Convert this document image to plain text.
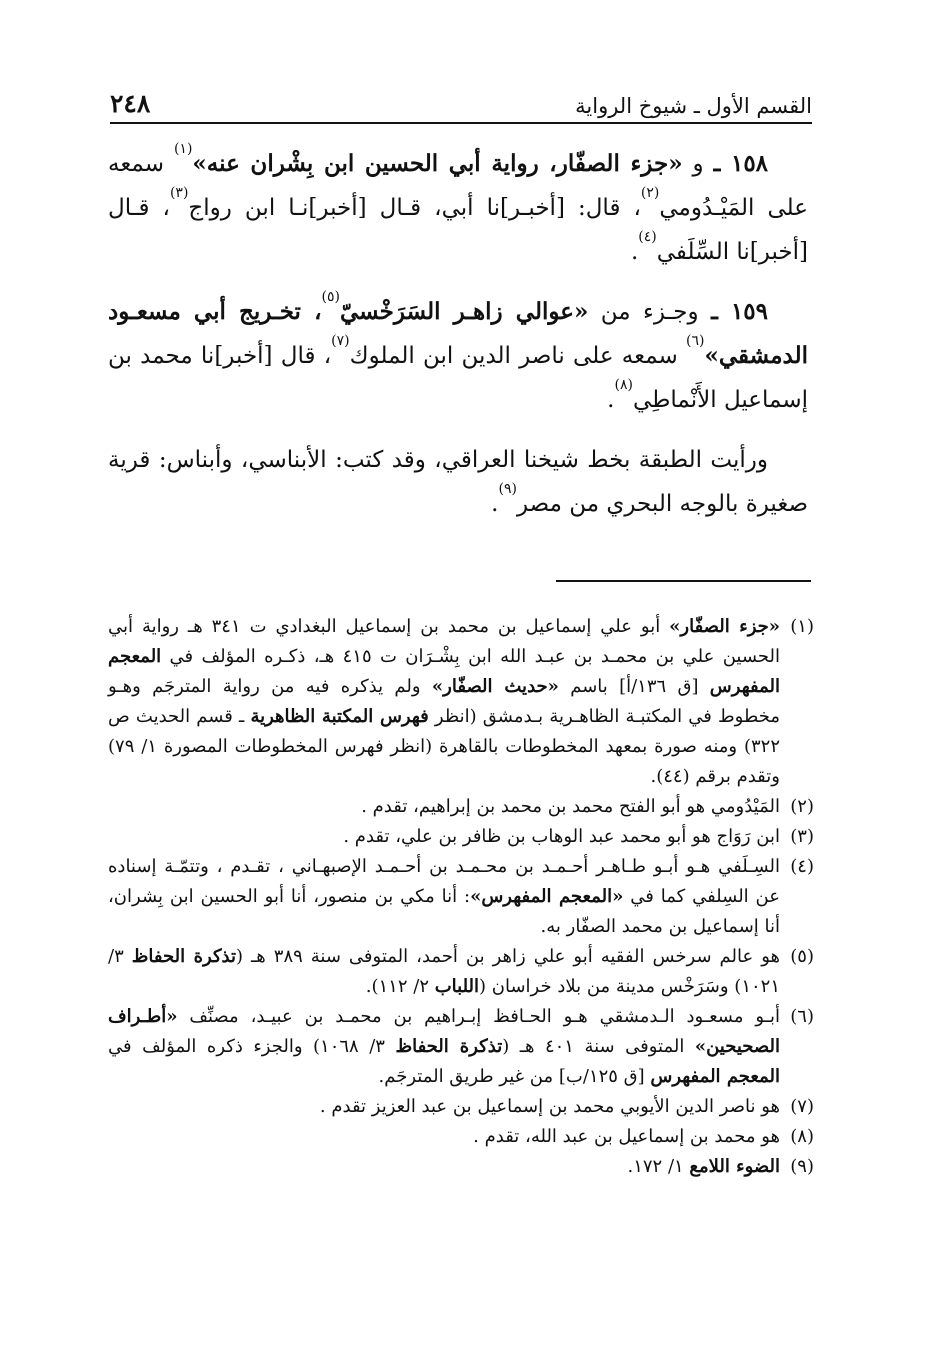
القسم الأول ـ شيوخ الرواية
٢٤٨

١٥٨ ـ و «جزء الصفّار، رواية أبي الحسين ابن بِشْران عنه»$^{(١)}$ سمعه على المَيْـدُومي$^{(٢)}$، قال: [أخبـر]نا أبي، قـال [أخبر]نـا ابن رواج$^{(٣)}$، قـال [أخبر]نا السِّلَفي$^{(٤)}$.

١٥٩ ـ وجـزء من «عوالي زاهـر السَرَخْسيّ$^{(٥)}$، تخـريج أبي مسعـود الدمشقي»$^{(٦)}$ سمعه على ناصر الدين ابن الملوك$^{(٧)}$، قال [أخبر]نا محمد بن إسماعيل الأَنْماطِي$^{(٨)}$.

ورأيت الطبقة بخط شيخنا العراقي، وقد كتب: الأبناسي، وأبناس: قرية صغيرة بالوجه البحري من مصر$^{(٩)}$.

(١)
«جزء الصفّار» أبو علي إسماعيل بن محمد بن إسماعيل البغدادي ت ٣٤١ هـ رواية أبي الحسين علي بن محمـد بن عبـد الله ابن بِشْـرَان ت ٤١٥ هـ، ذكـره المؤلف في المعجم المفهرس [ق ١٣٦/أ] باسم «حديث الصفّار» ولم يذكره فيه من رواية المترجَم وهـو مخطوط في المكتبـة الظاهـرية بـدمشق (انظر فهرس المكتبة الظاهرية ـ قسم الحديث ص ٣٢٢) ومنه صورة بمعهد المخطوطات بالقاهرة (انظر فهرس المخطوطات المصورة ١/ ٧٩) وتقدم برقم (٤٤).
(٢)
المَيْدُومي هو أبو الفتح محمد بن محمد بن إبراهيم، تقدم .
(٣)
ابن رَوَاج هو أبو محمد عبد الوهاب بن ظافر بن علي، تقدم .
(٤)
السِـلَفي هـو أبـو طـاهـر أحـمـد بن محـمـد بن أحـمـد الإصبهـاني ، تقـدم ، وتتمّـة إسناده عن السِلفي كما في «المعجم المفهرس»: أنا مكي بن منصور، أنا أبو الحسين ابن بِشران، أنا إسماعيل بن محمد الصفّار به.
(٥)
هو عالم سرخس الفقيه أبو علي زاهر بن أحمد، المتوفى سنة ٣٨٩ هـ (تذكرة الحفاظ ٣/ ١٠٢١) وسَرَخْس مدينة من بلاد خراسان (اللباب ٢/ ١١٢).
(٦)
أبـو مسعـود الـدمشقي هـو الحـافظ إبـراهيم بن محمـد بن عبيـد، مصنِّف «أطـراف الصحيحين» المتوفى سنة ٤٠١ هـ (تذكرة الحفاظ ٣/ ١٠٦٨) والجزء ذكره المؤلف في المعجم المفهرس [ق ١٢٥/ب] من غير طريق المترجَم.
(٧)
هو ناصر الدين الأيوبي محمد بن إسماعيل بن عبد العزيز تقدم .
(٨)
هو محمد بن إسماعيل بن عبد الله، تقدم .
(٩)
الضوء اللامع ١/ ١٧٢.
